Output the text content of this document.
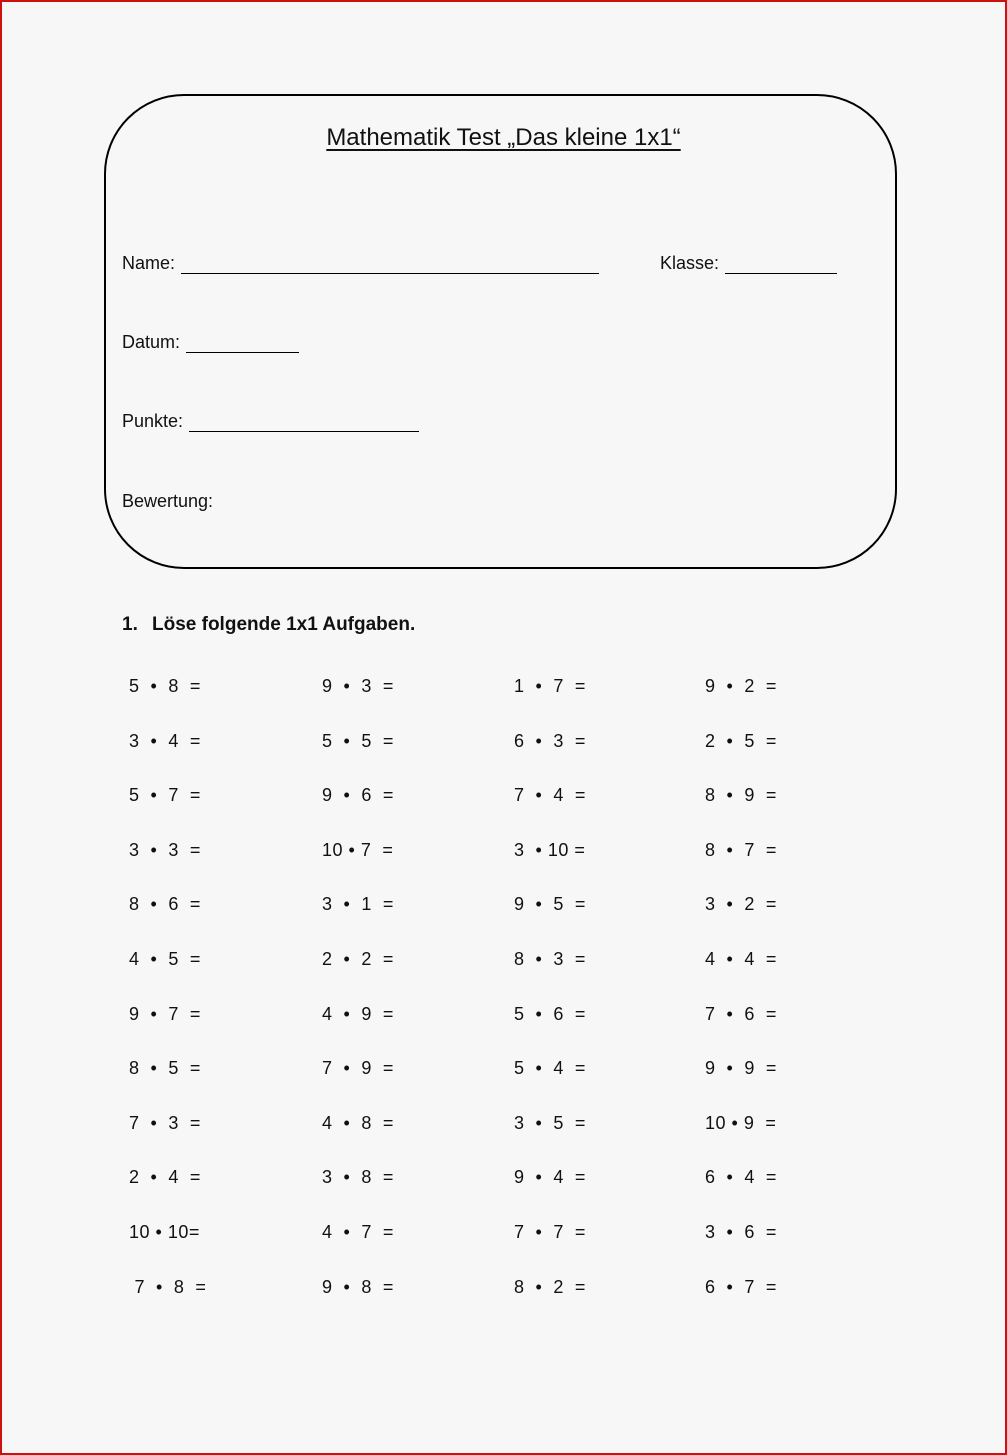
Mathematik Test „Das kleine 1x1“
Name:	Klasse:
Datum:
Punkte:
Bewertung:
1. Löse folgende 1x1 Aufgaben.
5  •  8  =	9  •  3  =	1  •  7  =	9  •  2  =
3  •  4  =	5  •  5  =	6  •  3  =	2  •  5  =
5  •  7  =	9  •  6  =	7  •  4  =	8  •  9  =
3  •  3  =	10 • 7  =	3  • 10 =	8  •  7  =
8  •  6  =	3  •  1  =	9  •  5  =	3  •  2  =
4  •  5  =	2  •  2  =	8  •  3  =	4  •  4  =
9  •  7  =	4  •  9  =	5  •  6  =	7  •  6  =
8  •  5  =	7  •  9  =	5  •  4  =	9  •  9  =
7  •  3  =	4  •  8  =	3  •  5  =	10 • 9  =
2  •  4  =	3  •  8  =	9  •  4  =	6  •  4  =
10 • 10=	4  •  7  =	7  •  7  =	3  •  6  =
7  •  8  =	9  •  8  =	8  •  2  =	6  •  7  =
